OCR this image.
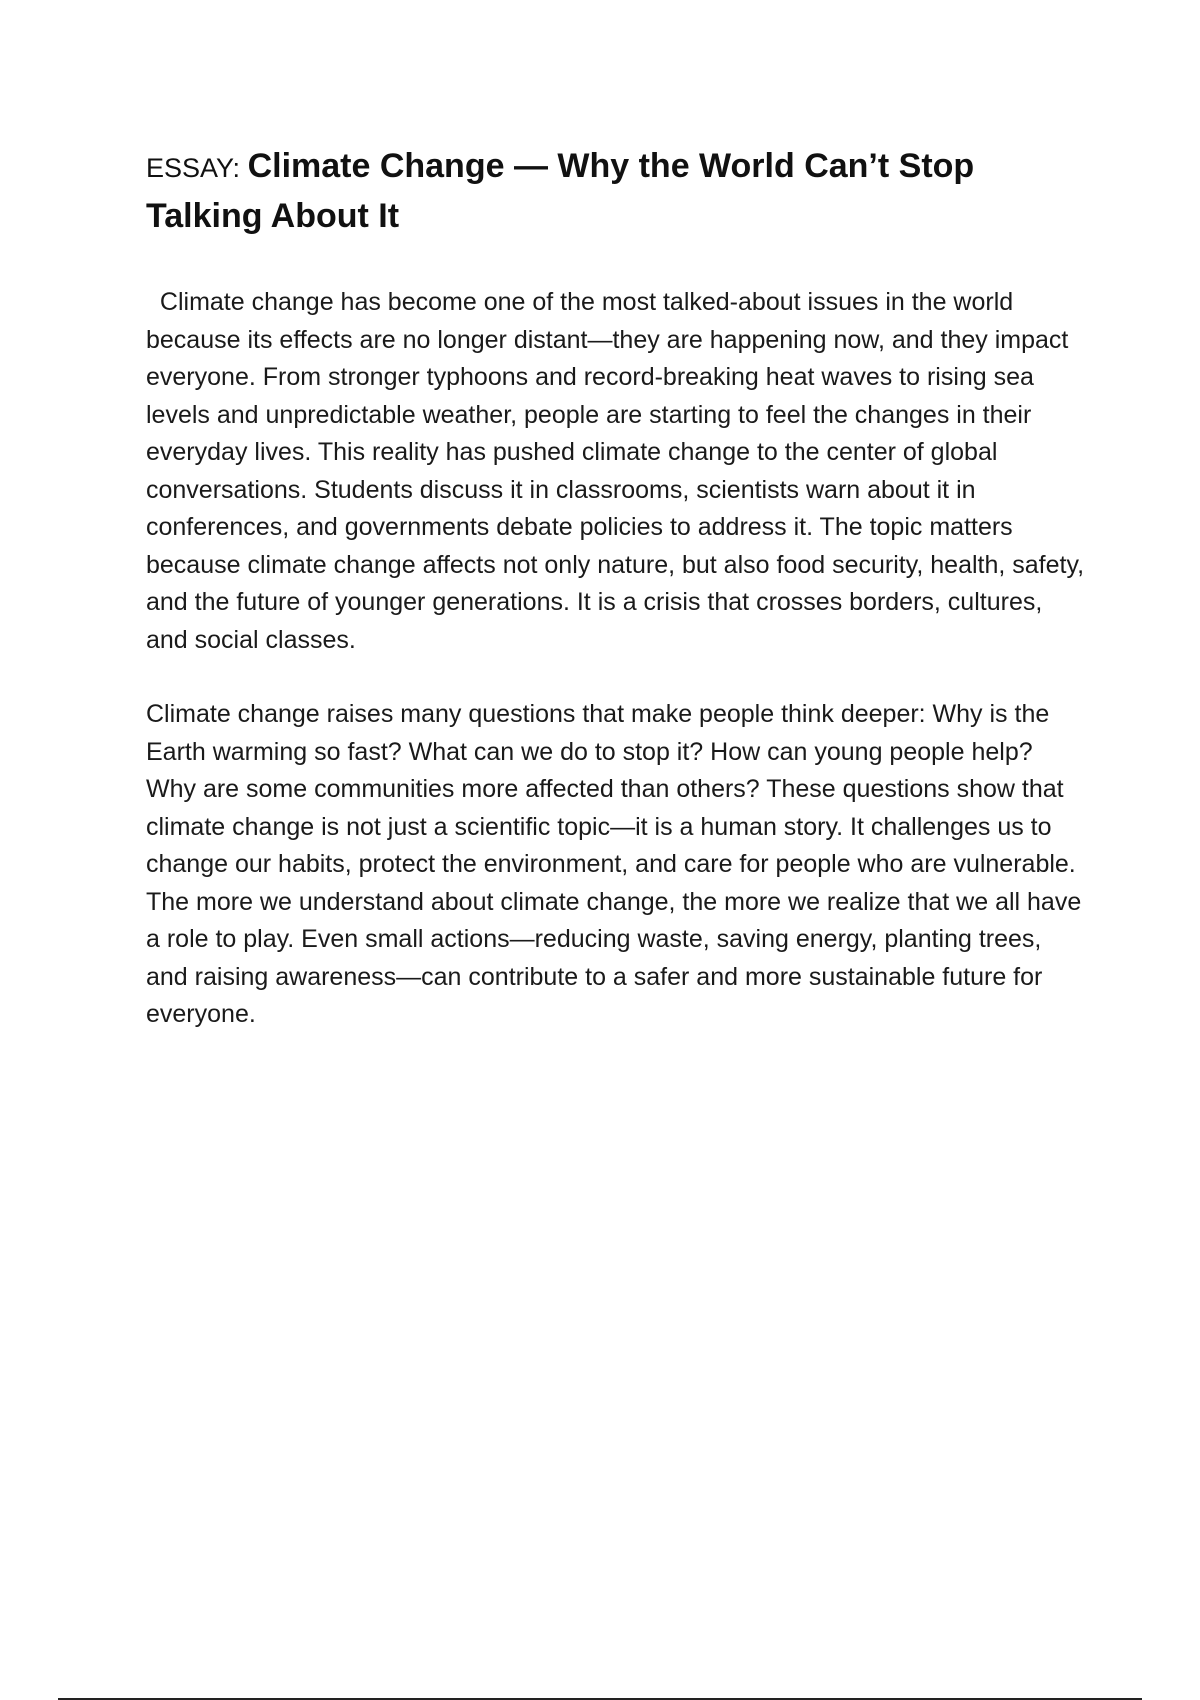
ESSAY: Climate Change — Why the World Can’t Stop Talking About It

Climate change has become one of the most talked-about issues in the world because its effects are no longer distant—they are happening now, and they impact everyone. From stronger typhoons and record-breaking heat waves to rising sea levels and unpredictable weather, people are starting to feel the changes in their everyday lives. This reality has pushed climate change to the center of global conversations. Students discuss it in classrooms, scientists warn about it in conferences, and governments debate policies to address it. The topic matters because climate change affects not only nature, but also food security, health, safety, and the future of younger generations. It is a crisis that crosses borders, cultures, and social classes.

Climate change raises many questions that make people think deeper: Why is the Earth warming so fast? What can we do to stop it? How can young people help? Why are some communities more affected than others? These questions show that climate change is not just a scientific topic—it is a human story. It challenges us to change our habits, protect the environment, and care for people who are vulnerable. The more we understand about climate change, the more we realize that we all have a role to play. Even small actions—reducing waste, saving energy, planting trees, and raising awareness—can contribute to a safer and more sustainable future for everyone.
